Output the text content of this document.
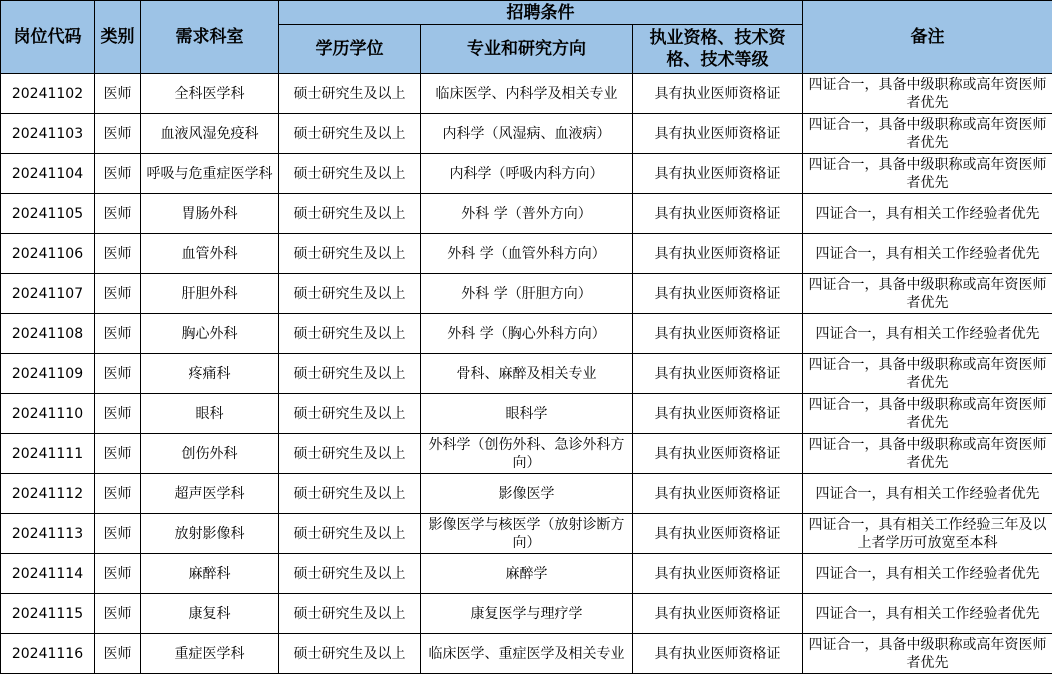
岗位代码	类别	需求科室	招聘条件			备注
			学历学位	专业和研究方向	执业资格、技术资格、技术等级	
20241102	医师	全科医学科	硕士研究生及以上	临床医学、内科学及相关专业	具有执业医师资格证	四证合一，具备中级职称或高年资医师者优先
20241103	医师	血液风湿免疫科	硕士研究生及以上	内科学（风湿病、血液病）	具有执业医师资格证	四证合一，具备中级职称或高年资医师者优先
20241104	医师	呼吸与危重症医学科	硕士研究生及以上	内科学（呼吸内科方向）	具有执业医师资格证	四证合一，具备中级职称或高年资医师者优先
20241105	医师	胃肠外科	硕士研究生及以上	外科 学（普外方向）	具有执业医师资格证	四证合一，具有相关工作经验者优先
20241106	医师	血管外科	硕士研究生及以上	外科 学（血管外科方向）	具有执业医师资格证	四证合一，具有相关工作经验者优先
20241107	医师	肝胆外科	硕士研究生及以上	外科 学（肝胆方向）	具有执业医师资格证	四证合一，具备中级职称或高年资医师者优先
20241108	医师	胸心外科	硕士研究生及以上	外科 学（胸心外科方向）	具有执业医师资格证	四证合一，具有相关工作经验者优先
20241109	医师	疼痛科	硕士研究生及以上	骨科、麻醉及相关专业	具有执业医师资格证	四证合一，具备中级职称或高年资医师者优先
20241110	医师	眼科	硕士研究生及以上	眼科学	具有执业医师资格证	四证合一，具备中级职称或高年资医师者优先
20241111	医师	创伤外科	硕士研究生及以上	外科学（创伤外科、急诊外科方向）	具有执业医师资格证	四证合一，具备中级职称或高年资医师者优先
20241112	医师	超声医学科	硕士研究生及以上	影像医学	具有执业医师资格证	四证合一，具有相关工作经验者优先
20241113	医师	放射影像科	硕士研究生及以上	影像医学与核医学（放射诊断方向）	具有执业医师资格证	四证合一，具有相关工作经验三年及以上者学历可放宽至本科
20241114	医师	麻醉科	硕士研究生及以上	麻醉学	具有执业医师资格证	四证合一，具有相关工作经验者优先
20241115	医师	康复科	硕士研究生及以上	康复医学与理疗学	具有执业医师资格证	四证合一，具有相关工作经验者优先
20241116	医师	重症医学科	硕士研究生及以上	临床医学、重症医学及相关专业	具有执业医师资格证	四证合一，具备中级职称或高年资医师者优先
